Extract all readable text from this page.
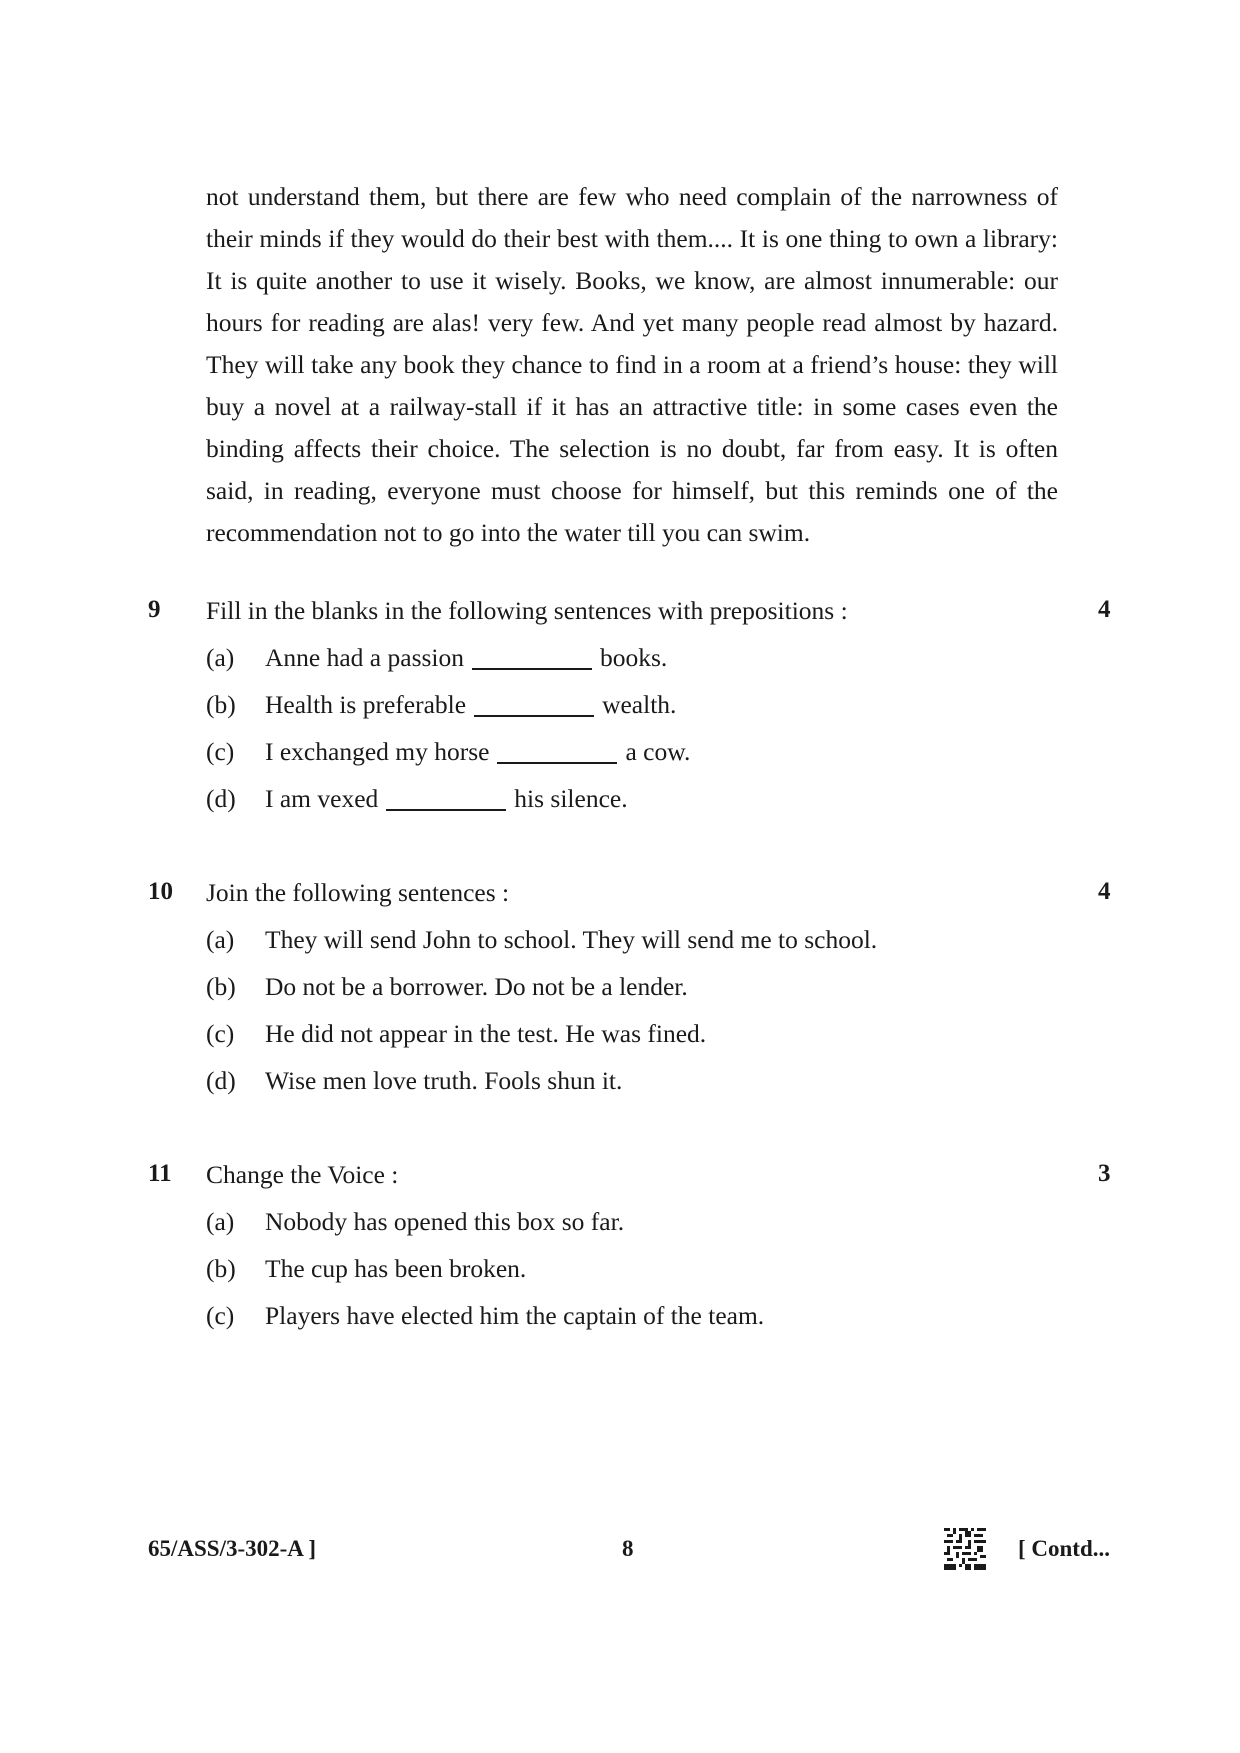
not understand them, but there are few who need complain of the narrowness of their minds if they would do their best with them.... It is one thing to own a library: It is quite another to use it wisely. Books, we know, are almost innumerable: our hours for reading are alas! very few. And yet many people read almost by hazard. They will take any book they chance to find in a room at a friend’s house: they will buy a novel at a railway-stall if it has an attractive title: in some cases even the binding affects their choice. The selection is no doubt, far from easy. It is often said, in reading, everyone must choose for himself, but this reminds one of the recommendation not to go into the water till you can swim.
9 Fill in the blanks in the following sentences with prepositions :	4
(a) Anne had a passion	books.
(b) Health is preferable	wealth.
(c) I exchanged my horse	a cow.
(d) I am vexed	his silence.
10 Join the following sentences :	4
(a) They will send John to school. They will send me to school.
(b) Do not be a borrower. Do not be a lender.
(c) He did not appear in the test. He was fined.
(d) Wise men love truth. Fools shun it.
11 Change the Voice :	3
(a) Nobody has opened this box so far.
(b) The cup has been broken.
(c) Players have elected him the captain of the team.
65/ASS/3-302-A ]	8	[ Contd...
